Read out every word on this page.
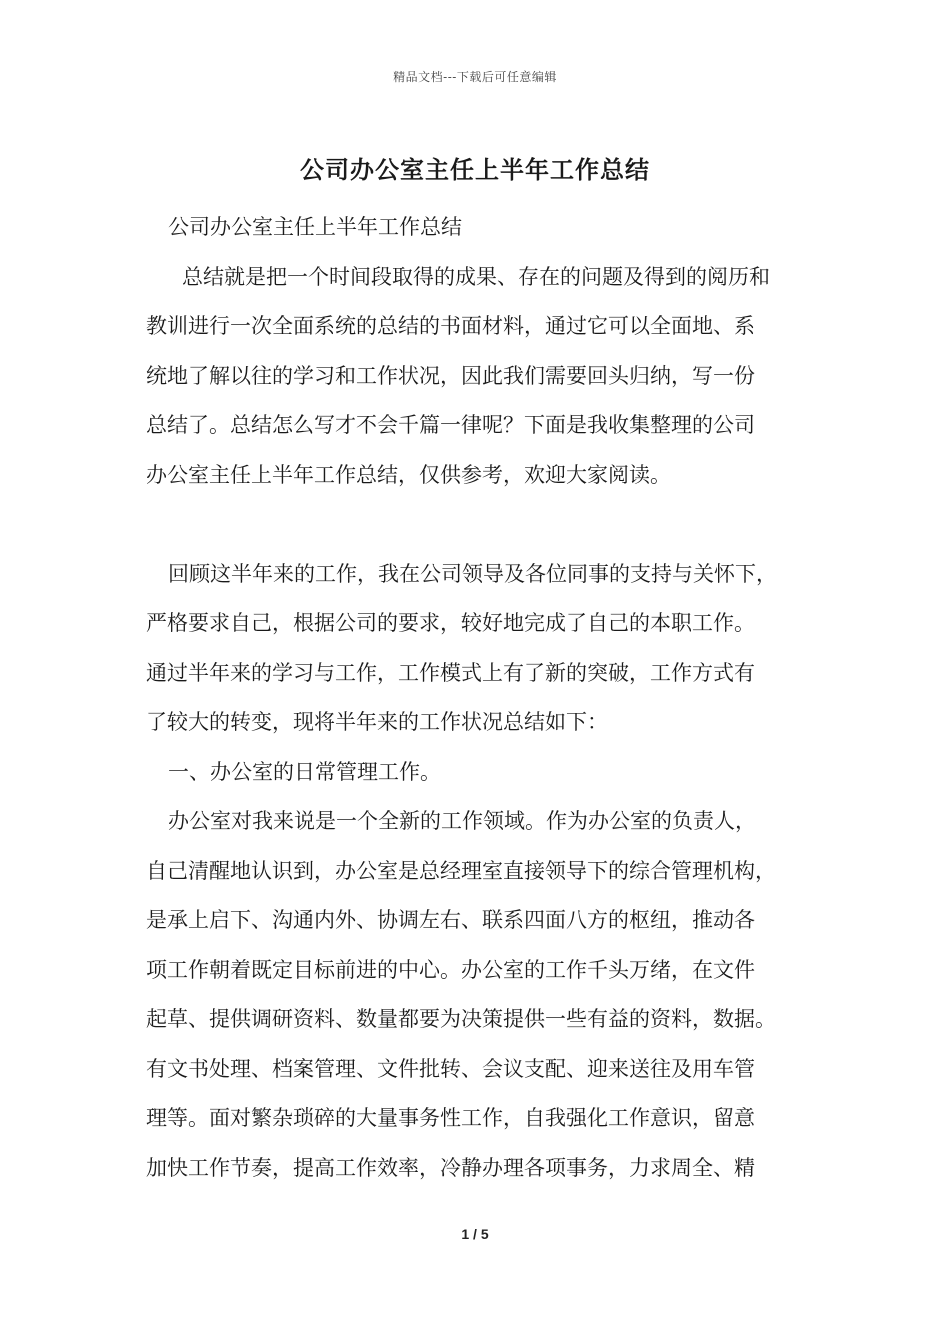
精品文档---下载后可任意编辑
公司办公室主任上半年工作总结
公司办公室主任上半年工作总结
总结就是把一个时间段取得的成果、存在的问题及得到的阅历和
教训进行一次全面系统的总结的书面材料，通过它可以全面地、系
统地了解以往的学习和工作状况，因此我们需要回头归纳，写一份
总结了。总结怎么写才不会千篇一律呢？下面是我收集整理的公司
办公室主任上半年工作总结，仅供参考，欢迎大家阅读。
回顾这半年来的工作，我在公司领导及各位同事的支持与关怀下，
严格要求自己，根据公司的要求，较好地完成了自己的本职工作。
通过半年来的学习与工作，工作模式上有了新的突破，工作方式有
了较大的转变，现将半年来的工作状况总结如下：
一、办公室的日常管理工作。
办公室对我来说是一个全新的工作领域。作为办公室的负责人，
自己清醒地认识到，办公室是总经理室直接领导下的综合管理机构，
是承上启下、沟通内外、协调左右、联系四面八方的枢纽，推动各
项工作朝着既定目标前进的中心。办公室的工作千头万绪，在文件
起草、提供调研资料、数量都要为决策提供一些有益的资料，数据。
有文书处理、档案管理、文件批转、会议支配、迎来送往及用车管
理等。面对繁杂琐碎的大量事务性工作，自我强化工作意识，留意
加快工作节奏，提高工作效率，冷静办理各项事务，力求周全、精
1 / 5
